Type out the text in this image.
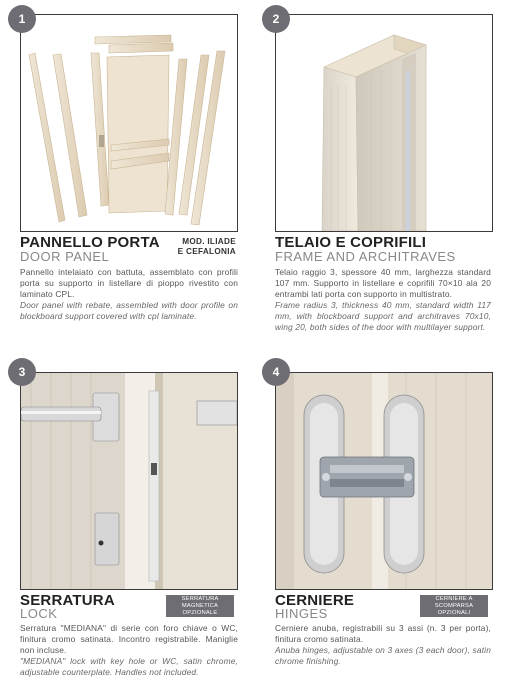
1
PANNELLO PORTA
DOOR PANEL
MOD. ILIADE
E CEFALONIA
Pannello intelaiato con battuta, assemblato con profili porta su supporto in listellare di pioppo rivestito con laminato CPL.
Door panel with rebate, assembled with door profile on blockboard support covered with cpl laminate.
2
TELAIO E COPRIFILI
FRAME AND ARCHITRAVES
Telaio raggio 3, spessore 40 mm, larghezza standard 107 mm. Supporto in listellare e coprifili 70×10 ala 20 entrambi lati porta con supporto in multistrato.
Frame radius 3, thickness 40 mm, standard width 117 mm, with blockboard support and architraves 70x10, wing 20, both sides of the door with multilayer support.
3
SERRATURA
LOCK
SERRATURA
MAGNETICA
OPZIONALE
Serratura "MEDIANA" di serie con foro chiave o WC, finitura cromo satinata. Incontro registrabile. Maniglie non incluse.
"MEDIANA" lock with key hole or WC, satin chrome, adjustable counterplate. Handles not included.
4
CERNIERE
HINGES
CERNIERE A
SCOMPARSA
OPZIONALI
Cerniere anuba, registrabili su 3 assi (n. 3 per porta), finitura cromo satinata.
Anuba hinges, adjustable on 3 axes (3 each door), satin chrome finishing.
